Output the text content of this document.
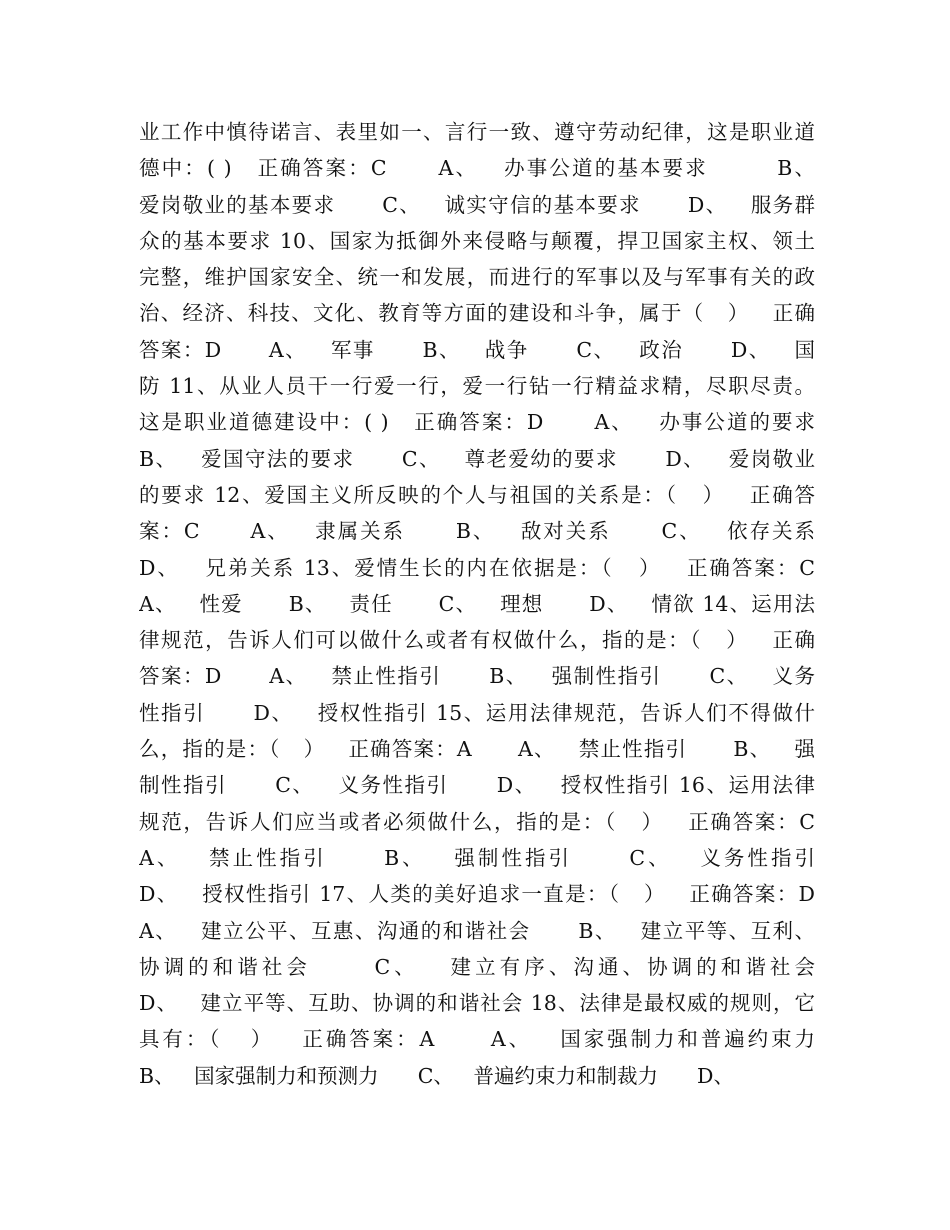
业工作中慎待诺言、表里如一、言行一致、遵守劳动纪律，这是职业道
德中：( )   正确答案：C      A、   办事公道的基本要求        B、
爱岗敬业的基本要求      C、   诚实守信的基本要求      D、   服务群
众的基本要求 10、国家为抵御外来侵略与颠覆，捍卫国家主权、领土
完整，维护国家安全、统一和发展，而进行的军事以及与军事有关的政
治、经济、科技、文化、教育等方面的建设和斗争，属于（   ）   正确
答案：D      A、   军事      B、   战争      C、   政治      D、   国
防 11、从业人员干一行爱一行，爱一行钻一行精益求精，尽职尽责。
这是职业道德建设中：( )   正确答案：D      A、   办事公道的要求
B、   爱国守法的要求      C、   尊老爱幼的要求      D、   爱岗敬业
的要求 12、爱国主义所反映的个人与祖国的关系是：（   ）   正确答
案：C      A、   隶属关系      B、   敌对关系      C、   依存关系
D、   兄弟关系 13、爱情生长的内在依据是：（   ）   正确答案：C
A、   性爱      B、   责任      C、   理想      D、   情欲 14、运用法
律规范，告诉人们可以做什么或者有权做什么，指的是：（   ）   正确
答案：D      A、   禁止性指引      B、   强制性指引      C、   义务
性指引      D、   授权性指引 15、运用法律规范，告诉人们不得做什
么，指的是：（   ）   正确答案：A      A、   禁止性指引      B、   强
制性指引      C、   义务性指引      D、   授权性指引 16、运用法律
规范，告诉人们应当或者必须做什么，指的是：（   ）   正确答案：C
A、   禁止性指引      B、   强制性指引      C、   义务性指引
D、   授权性指引 17、人类的美好追求一直是：（   ）   正确答案：D
A、   建立公平、互惠、沟通的和谐社会      B、   建立平等、互利、
协调的和谐社会      C、   建立有序、沟通、协调的和谐社会
D、   建立平等、互助、协调的和谐社会 18、法律是最权威的规则，它
具有：（   ）   正确答案：A      A、   国家强制力和普遍约束力
B、   国家强制力和预测力      C、   普遍约束力和制裁力      D、
